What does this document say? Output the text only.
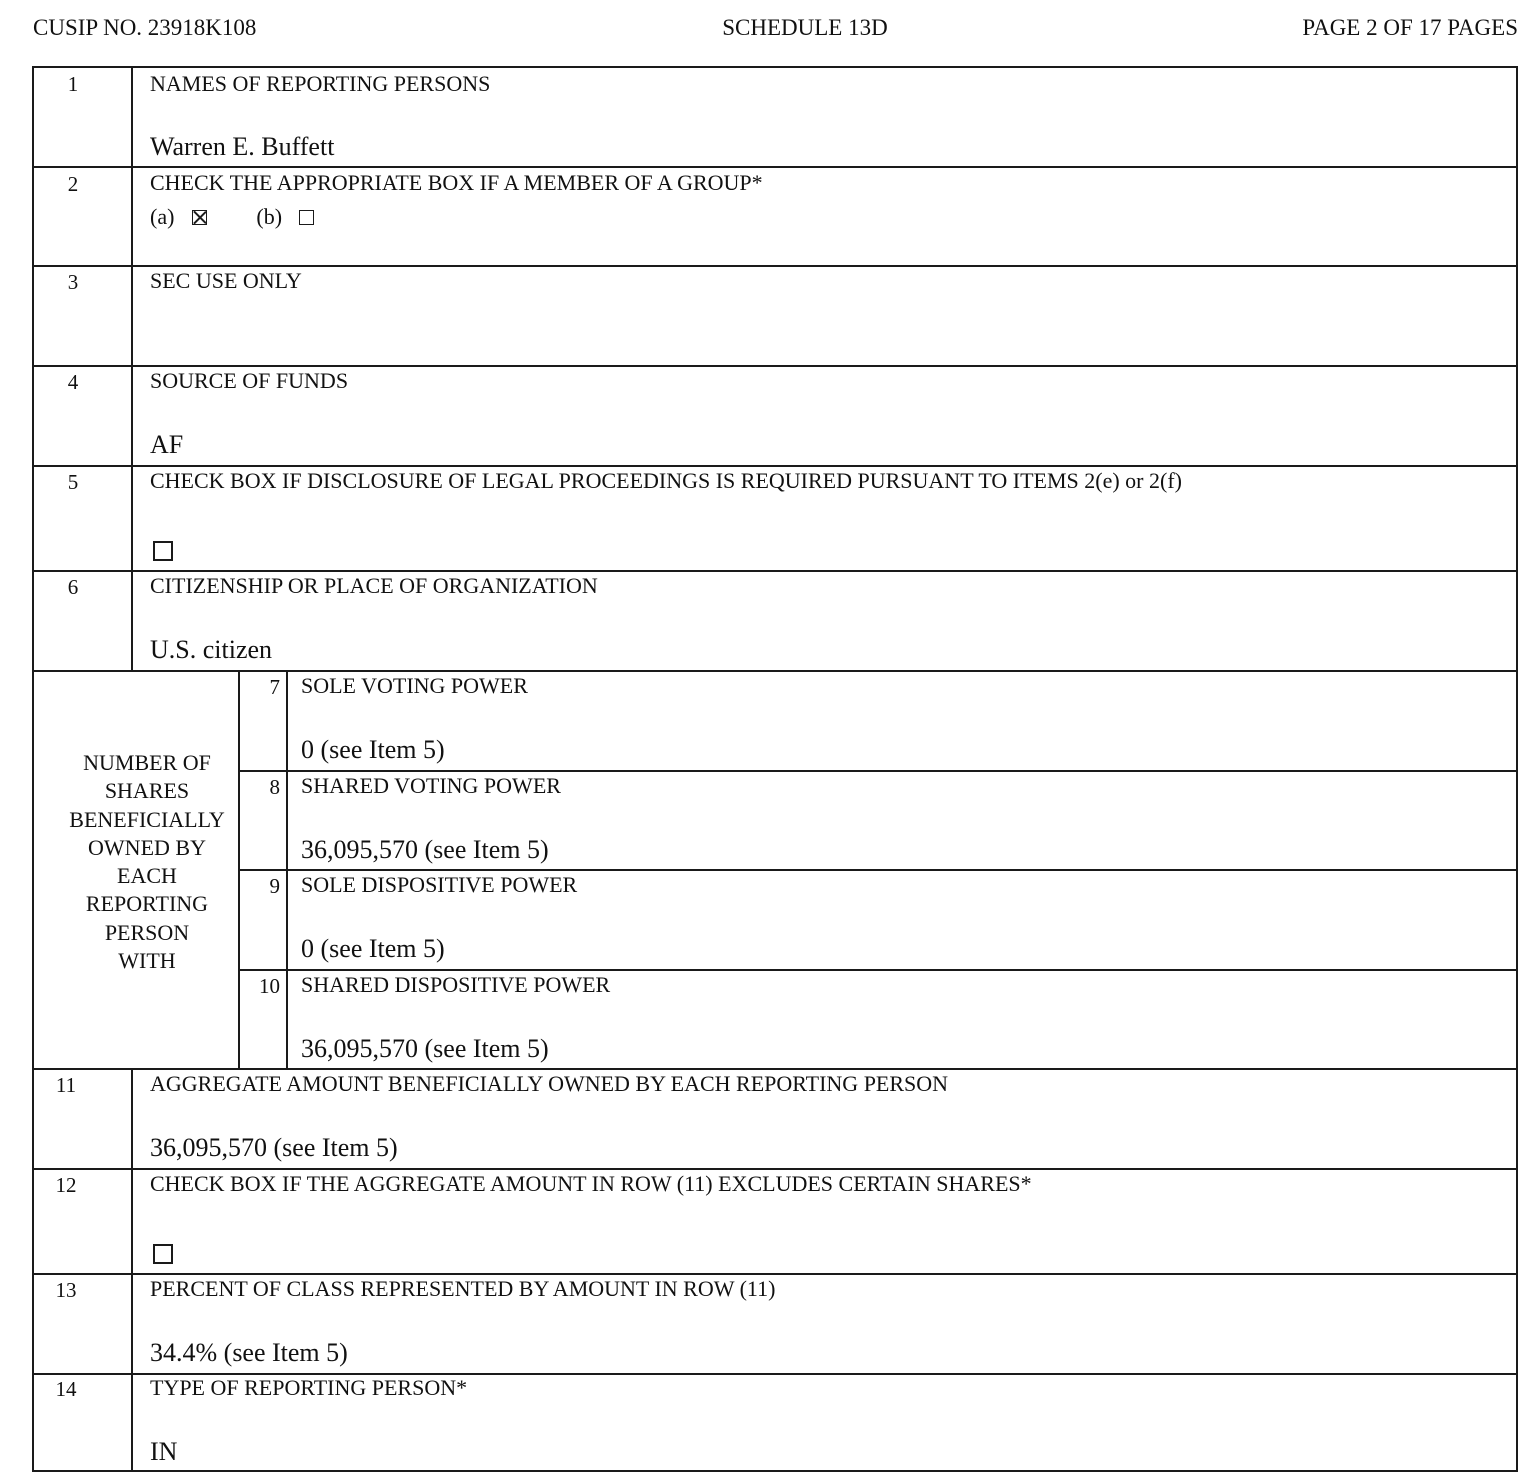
CUSIP NO. 23918K108	SCHEDULE 13D	PAGE 2 OF 17 PAGES
1	NAMES OF REPORTING PERSONS
Warren E. Buffett
2	CHECK THE APPROPRIATE BOX IF A MEMBER OF A GROUP*
(a)	(b)
3	SEC USE ONLY
4	SOURCE OF FUNDS
AF
5	CHECK BOX IF DISCLOSURE OF LEGAL PROCEEDINGS IS REQUIRED PURSUANT TO ITEMS 2(e) or 2(f)
6	CITIZENSHIP OR PLACE OF ORGANIZATION
U.S. citizen
NUMBER OF
SHARES
BENEFICIALLY
OWNED BY
EACH
REPORTING
PERSON
WITH
7 SOLE VOTING POWER
0 (see Item 5)
8 SHARED VOTING POWER
36,095,570 (see Item 5)
9 SOLE DISPOSITIVE POWER
0 (see Item 5)
10 SHARED DISPOSITIVE POWER
36,095,570 (see Item 5)
11	AGGREGATE AMOUNT BENEFICIALLY OWNED BY EACH REPORTING PERSON
36,095,570 (see Item 5)
12	CHECK BOX IF THE AGGREGATE AMOUNT IN ROW (11) EXCLUDES CERTAIN SHARES*
13	PERCENT OF CLASS REPRESENTED BY AMOUNT IN ROW (11)
34.4% (see Item 5)
14	TYPE OF REPORTING PERSON*
IN
